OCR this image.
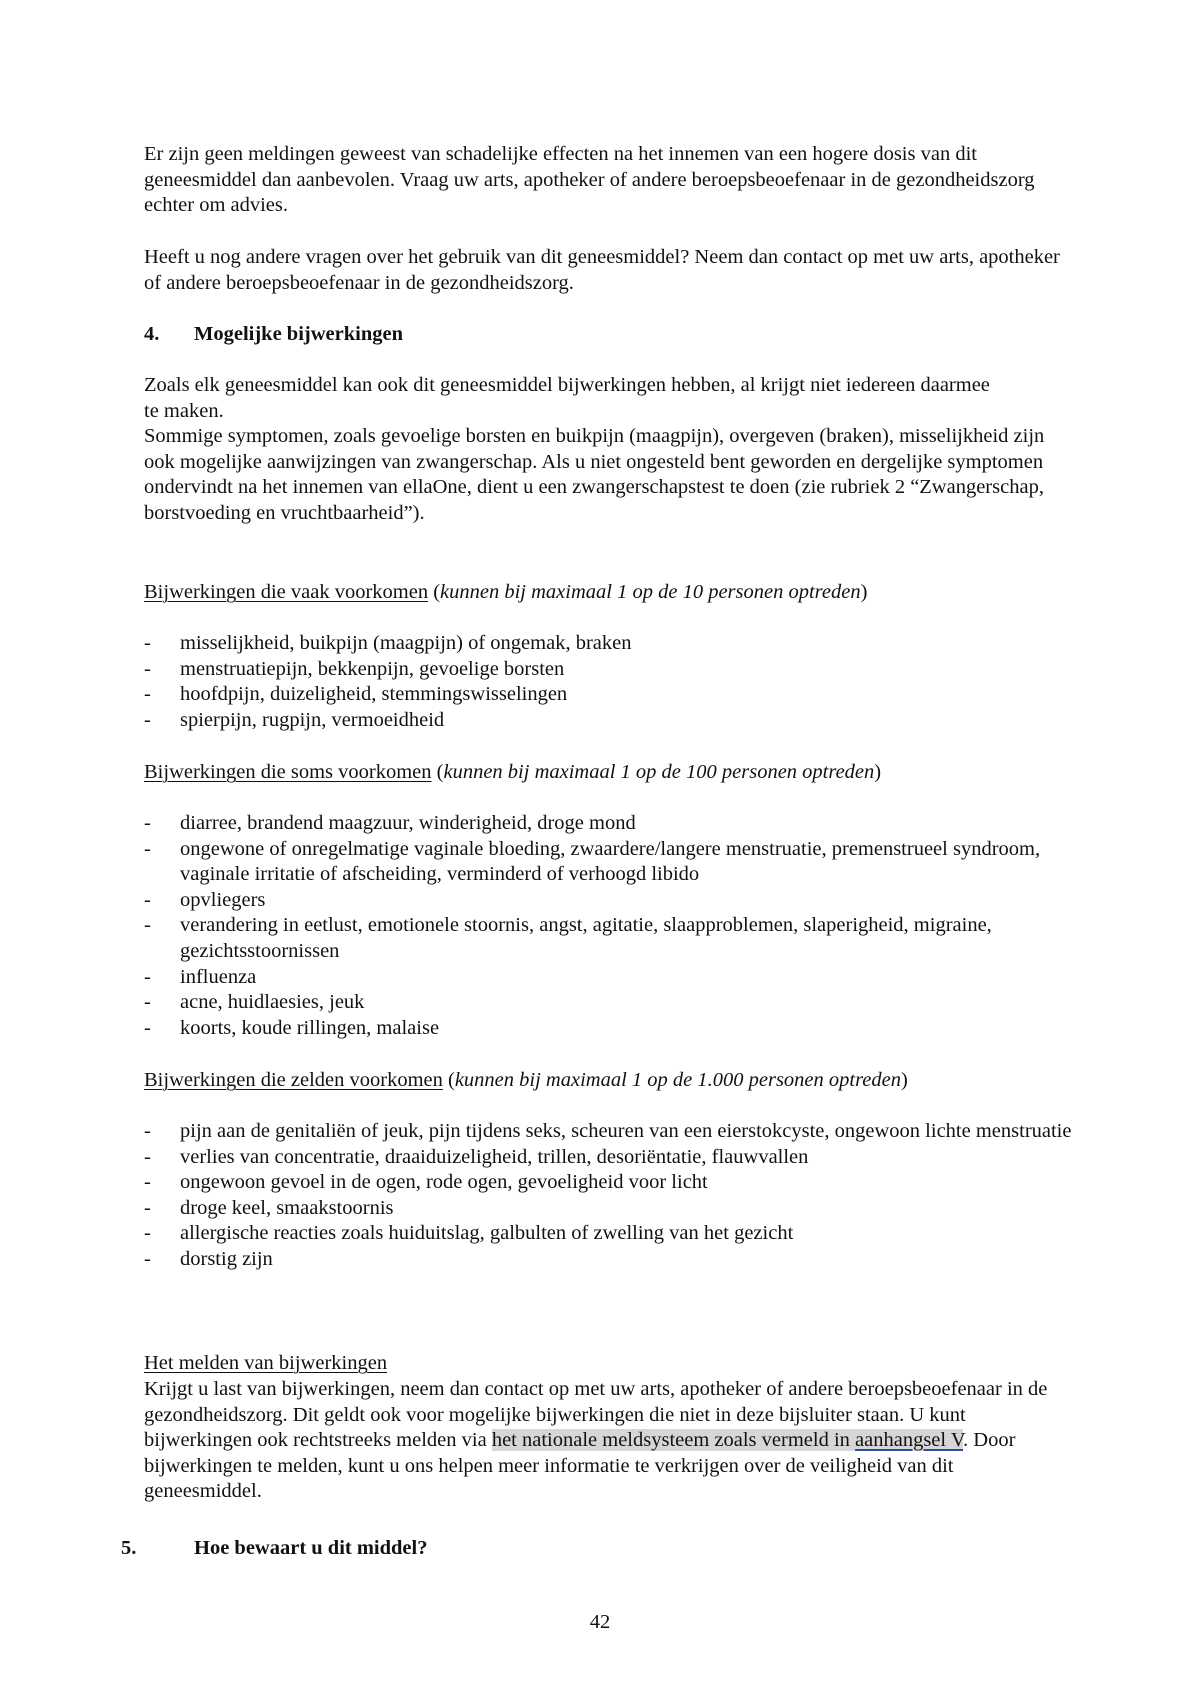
Er zijn geen meldingen geweest van schadelijke effecten na het innemen van een hogere dosis van dit geneesmiddel dan aanbevolen. Vraag uw arts, apotheker of andere beroepsbeoefenaar in de gezondheidszorg echter om advies.

Heeft u nog andere vragen over het gebruik van dit geneesmiddel? Neem dan contact op met uw arts, apotheker of andere beroepsbeoefenaar in de gezondheidszorg.

4. Mogelijke bijwerkingen

Zoals elk geneesmiddel kan ook dit geneesmiddel bijwerkingen hebben, al krijgt niet iedereen daarmee

te maken.

Sommige symptomen, zoals gevoelige borsten en buikpijn (maagpijn), overgeven (braken), misselijkheid zijn ook mogelijke aanwijzingen van zwangerschap. Als u niet ongesteld bent geworden en dergelijke symptomen ondervindt na het innemen van ellaOne, dient u een zwangerschapstest te doen (zie rubriek 2 “Zwangerschap, borstvoeding en vruchtbaarheid”).

Bijwerkingen die vaak voorkomen (kunnen bij maximaal 1 op de 10 personen optreden)

- misselijkheid, buikpijn (maagpijn) of ongemak, braken
- menstruatiepijn, bekkenpijn, gevoelige borsten
- hoofdpijn, duizeligheid, stemmingswisselingen
- spierpijn, rugpijn, vermoeidheid

Bijwerkingen die soms voorkomen (kunnen bij maximaal 1 op de 100 personen optreden)

- diarree, brandend maagzuur, winderigheid, droge mond
- ongewone of onregelmatige vaginale bloeding, zwaardere/langere menstruatie, premenstrueel syndroom, vaginale irritatie of afscheiding, verminderd of verhoogd libido
- opvliegers
- verandering in eetlust, emotionele stoornis, angst, agitatie, slaapproblemen, slaperigheid, migraine, gezichtsstoornissen
- influenza
- acne, huidlaesies, jeuk
- koorts, koude rillingen, malaise

Bijwerkingen die zelden voorkomen (kunnen bij maximaal 1 op de 1.000 personen optreden)

- pijn aan de genitaliën of jeuk, pijn tijdens seks, scheuren van een eierstokcyste, ongewoon lichte menstruatie
- verlies van concentratie, draaiduizeligheid, trillen, desoriëntatie, flauwvallen
- ongewoon gevoel in de ogen, rode ogen, gevoeligheid voor licht
- droge keel, smaakstoornis
- allergische reacties zoals huiduitslag, galbulten of zwelling van het gezicht
- dorstig zijn

Het melden van bijwerkingen

Krijgt u last van bijwerkingen, neem dan contact op met uw arts, apotheker of andere beroepsbeoefenaar in de gezondheidszorg. Dit geldt ook voor mogelijke bijwerkingen die niet in deze bijsluiter staan. U kunt bijwerkingen ook rechtstreeks melden via het nationale meldsysteem zoals vermeld in aanhangsel V. Door bijwerkingen te melden, kunt u ons helpen meer informatie te verkrijgen over de veiligheid van dit geneesmiddel.

5.	Hoe bewaart u dit middel?
42
